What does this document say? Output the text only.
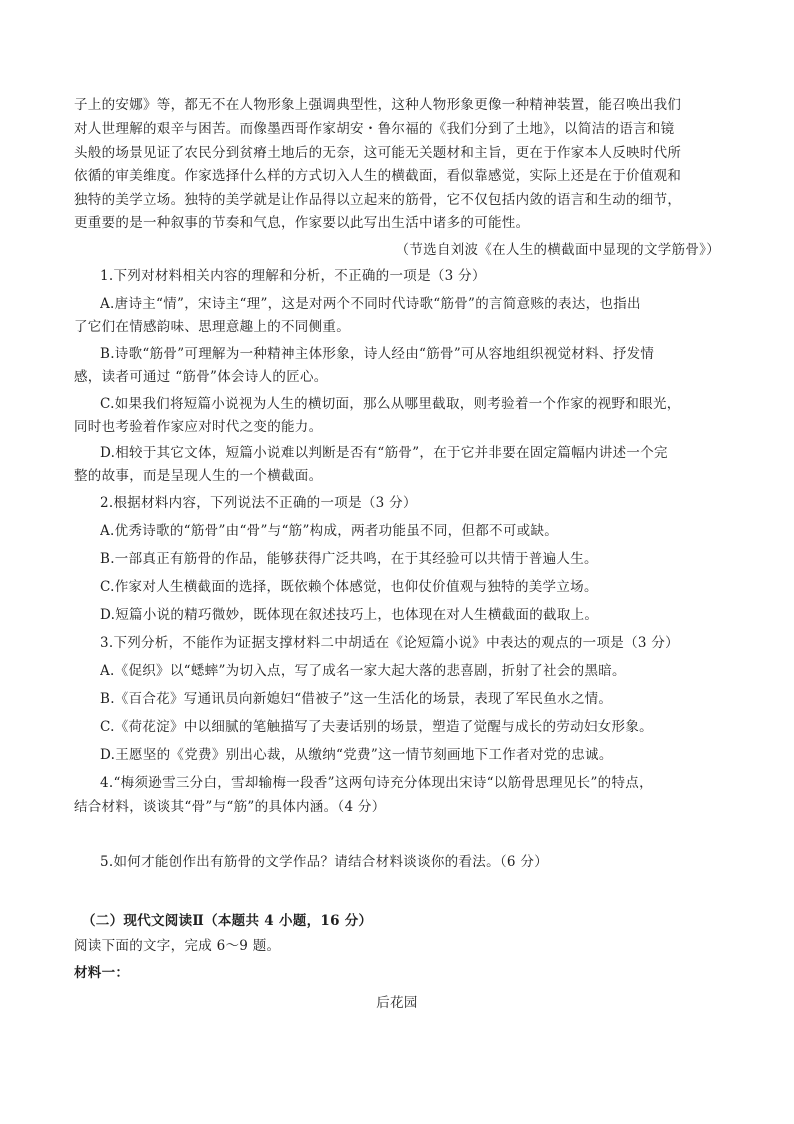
子上的安娜》等，都无不在人物形象上强调典型性，这种人物形象更像一种精神装置，能召唤出我们
对人世理解的艰辛与困苦。而像墨西哥作家胡安・鲁尔福的《我们分到了土地》，以简洁的语言和镜
头般的场景见证了农民分到贫瘠土地后的无奈，这可能无关题材和主旨，更在于作家本人反映时代所
依循的审美维度。作家选择什么样的方式切入人生的横截面，看似靠感觉，实际上还是在于价值观和
独特的美学立场。独特的美学就是让作品得以立起来的筋骨，它不仅包括内敛的语言和生动的细节，
更重要的是一种叙事的节奏和气息，作家要以此写出生活中诸多的可能性。
（节选自刘波《在人生的横截面中显现的文学筋骨》）
1.下列对材料相关内容的理解和分析，不正确的一项是（3 分）
A.唐诗主“情”，宋诗主“理”，这是对两个不同时代诗歌“筋骨”的言简意赅的表达，也指出
了它们在情感韵味、思理意趣上的不同侧重。
B.诗歌“筋骨”可理解为一种精神主体形象，诗人经由“筋骨”可从容地组织视觉材料、抒发情
感，读者可通过 “筋骨”体会诗人的匠心。
C.如果我们将短篇小说视为人生的横切面，那么从哪里截取，则考验着一个作家的视野和眼光，
同时也考验着作家应对时代之变的能力。
D.相较于其它文体，短篇小说难以判断是否有“筋骨”，在于它并非要在固定篇幅内讲述一个完
整的故事，而是呈现人生的一个横截面。
2.根据材料内容，下列说法不正确的一项是（3 分）
A.优秀诗歌的“筋骨”由“骨”与“筋”构成，两者功能虽不同，但都不可或缺。
B.一部真正有筋骨的作品，能够获得广泛共鸣，在于其经验可以共情于普遍人生。
C.作家对人生横截面的选择，既依赖个体感觉，也仰仗价值观与独特的美学立场。
D.短篇小说的精巧微妙，既体现在叙述技巧上，也体现在对人生横截面的截取上。
3.下列分析，不能作为证据支撑材料二中胡适在《论短篇小说》中表达的观点的一项是（3 分）
A.《促织》以“蟋蟀”为切入点，写了成名一家大起大落的悲喜剧，折射了社会的黑暗。
B.《百合花》写通讯员向新媳妇“借被子”这一生活化的场景，表现了军民鱼水之情。
C.《荷花淀》中以细腻的笔触描写了夫妻话别的场景，塑造了觉醒与成长的劳动妇女形象。
D.王愿坚的《党费》别出心裁，从缴纳“党费”这一情节刻画地下工作者对党的忠诚。
4.“梅须逊雪三分白，雪却输梅一段香”这两句诗充分体现出宋诗“以筋骨思理见长”的特点，
结合材料，谈谈其“骨”与“筋”的具体内涵。（4 分）
5.如何才能创作出有筋骨的文学作品？请结合材料谈谈你的看法。（6 分）
（二）现代文阅读Ⅱ（本题共 4 小题，16 分）
阅读下面的文字，完成 6～9 题。
材料一：
后花园
